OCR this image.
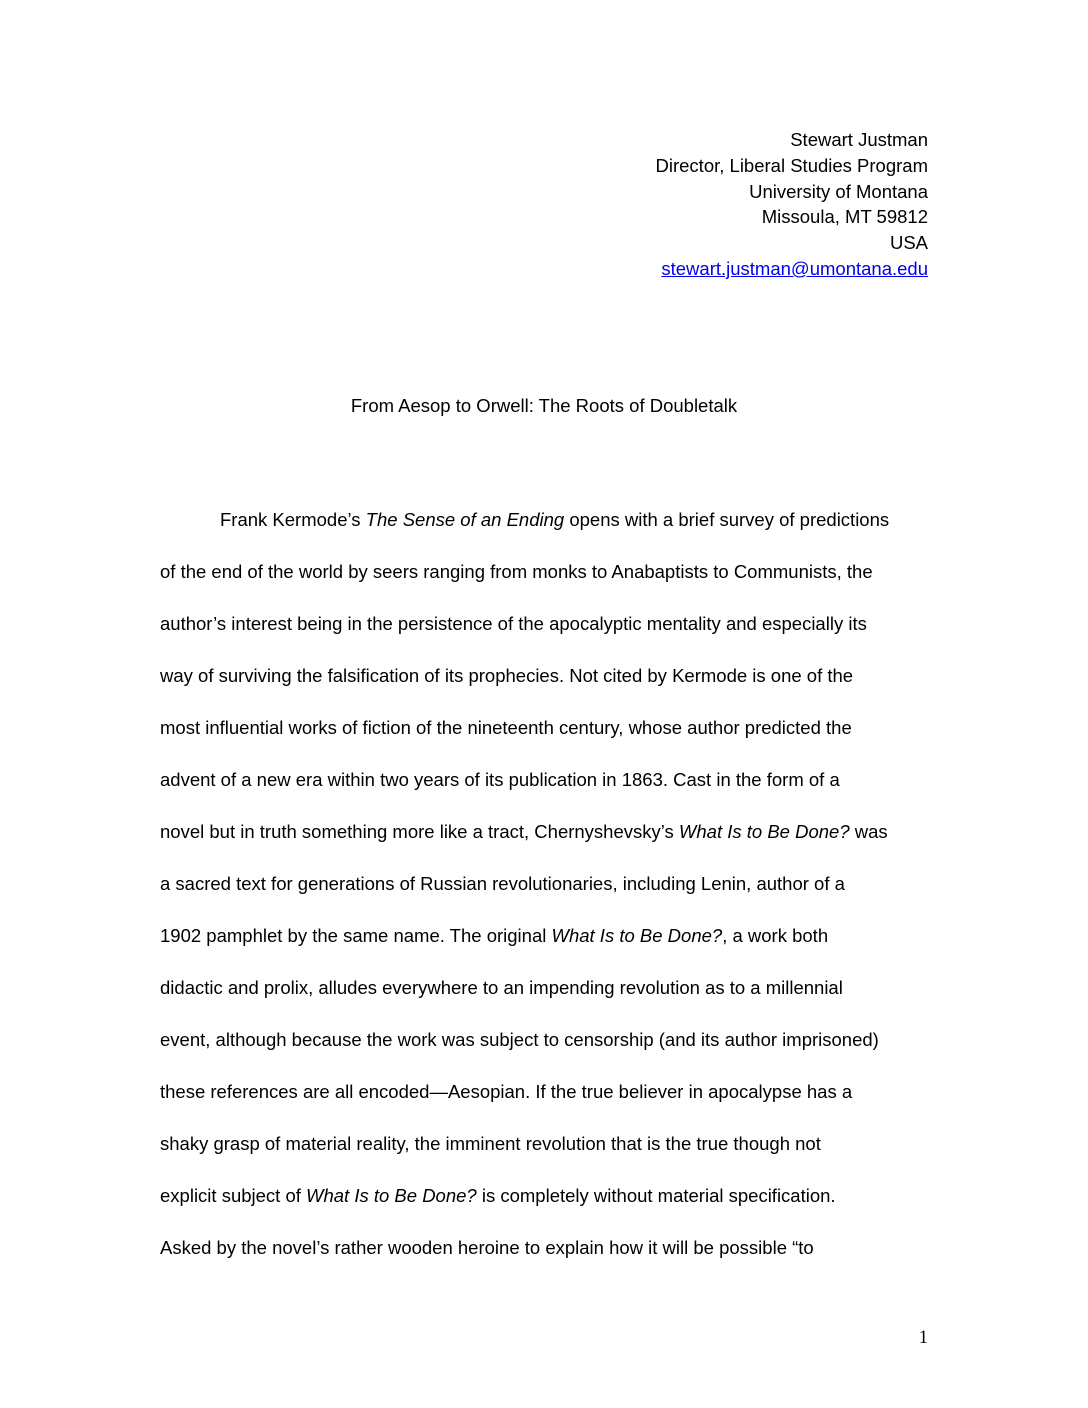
Stewart Justman
Director, Liberal Studies Program
University of Montana
Missoula, MT 59812
USA
stewart.justman@umontana.edu
From Aesop to Orwell: The Roots of Doubletalk
Frank Kermode’s The Sense of an Ending opens with a brief survey of predictions
of the end of the world by seers ranging from monks to Anabaptists to Communists, the
author’s interest being in the persistence of the apocalyptic mentality and especially its
way of surviving the falsification of its prophecies. Not cited by Kermode is one of the
most influential works of fiction of the nineteenth century, whose author predicted the
advent of a new era within two years of its publication in 1863. Cast in the form of a
novel but in truth something more like a tract, Chernyshevsky’s What Is to Be Done? was
a sacred text for generations of Russian revolutionaries, including Lenin, author of a
1902 pamphlet by the same name. The original What Is to Be Done?, a work both
didactic and prolix, alludes everywhere to an impending revolution as to a millennial
event, although because the work was subject to censorship (and its author imprisoned)
these references are all encoded—Aesopian. If the true believer in apocalypse has a
shaky grasp of material reality, the imminent revolution that is the true though not
explicit subject of What Is to Be Done? is completely without material specification.
Asked by the novel’s rather wooden heroine to explain how it will be possible “to
1
